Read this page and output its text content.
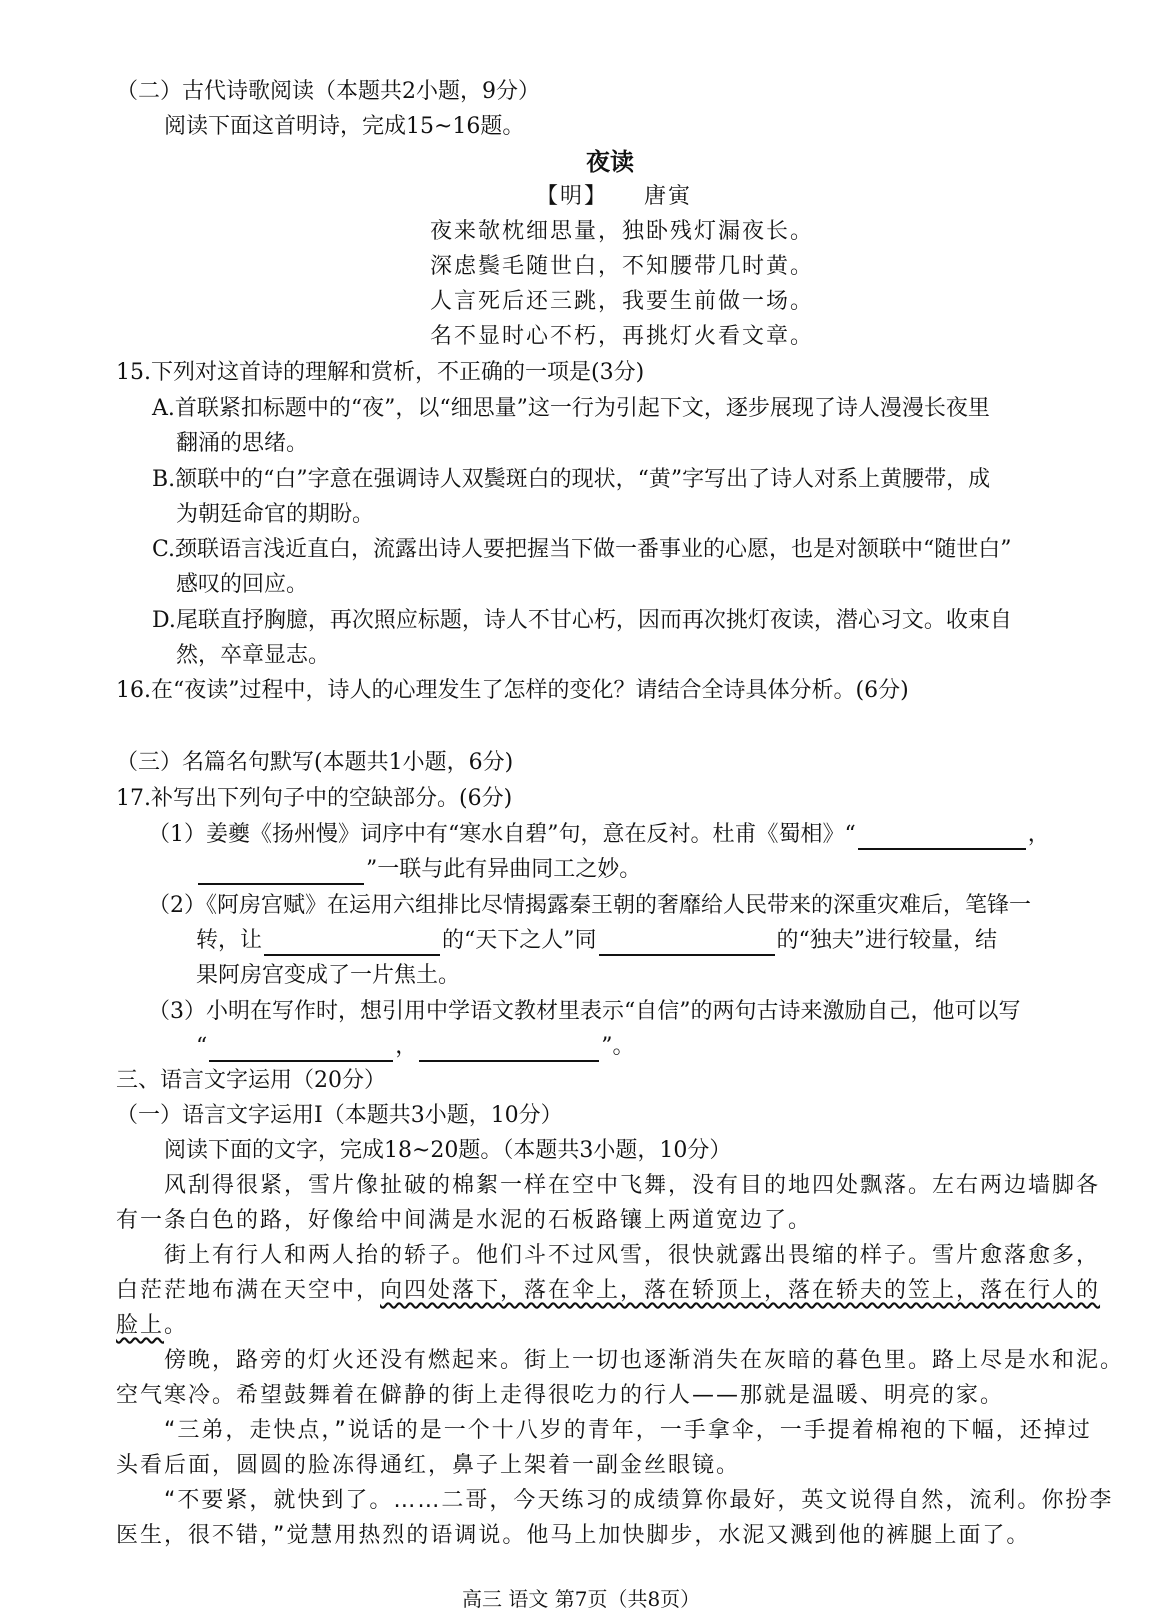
（二）古代诗歌阅读（本题共2小题，9分）
阅读下面这首明诗，完成15~16题。
夜读
【明】 唐寅
夜来欹枕细思量，独卧残灯漏夜长。
深虑鬓毛随世白，不知腰带几时黄。
人言死后还三跳，我要生前做一场。
名不显时心不朽，再挑灯火看文章。
15.下列对这首诗的理解和赏析，不正确的一项是(3分)
A.首联紧扣标题中的“夜”，以“细思量”这一行为引起下文，逐步展现了诗人漫漫长夜里
翻涌的思绪。
B.颔联中的“白”字意在强调诗人双鬓斑白的现状，“黄”字写出了诗人对系上黄腰带，成
为朝廷命官的期盼。
C.颈联语言浅近直白，流露出诗人要把握当下做一番事业的心愿，也是对颔联中“随世白”
感叹的回应。
D.尾联直抒胸臆，再次照应标题，诗人不甘心朽，因而再次挑灯夜读，潜心习文。收束自
然，卒章显志。
16.在“夜读”过程中，诗人的心理发生了怎样的变化？请结合全诗具体分析。(6分)
（三）名篇名句默写(本题共1小题，6分)
17.补写出下列句子中的空缺部分。(6分)
（1）姜夔《扬州慢》词序中有“寒水自碧”句，意在反衬。杜甫《蜀相》“	，
”一联与此有异曲同工之妙。
（2）《阿房宫赋》在运用六组排比尽情揭露秦王朝的奢靡给人民带来的深重灾难后，笔锋一
转，让	的“天下之人”同	的“独夫”进行较量，结
果阿房宫变成了一片焦土。
（3）小明在写作时，想引用中学语文教材里表示“自信”的两句古诗来激励自己，他可以写
“	，	”。
三、语言文字运用（20分）
（一）语言文字运用Ⅰ（本题共3小题，10分）
阅读下面的文字，完成18~20题。（本题共3小题，10分）
风刮得很紧，雪片像扯破的棉絮一样在空中飞舞，没有目的地四处飘落。左右两边墙脚各
有一条白色的路，好像给中间满是水泥的石板路镶上两道宽边了。
街上有行人和两人抬的轿子。他们斗不过风雪，很快就露出畏缩的样子。雪片愈落愈多，
白茫茫地布满在天空中，向四处落下，落在伞上，落在轿顶上，落在轿夫的笠上，落在行人的
脸上。
傍晚，路旁的灯火还没有燃起来。街上一切也逐渐消失在灰暗的暮色里。路上尽是水和泥。
空气寒冷。希望鼓舞着在僻静的街上走得很吃力的行人——那就是温暖、明亮的家。
“三弟，走快点，”说话的是一个十八岁的青年，一手拿伞，一手提着棉袍的下幅，还掉过
头看后面，圆圆的脸冻得通红，鼻子上架着一副金丝眼镜。
“不要紧，就快到了。……二哥，今天练习的成绩算你最好，英文说得自然，流利。你扮李
医生，很不错，”觉慧用热烈的语调说。他马上加快脚步，水泥又溅到他的裤腿上面了。
高三 语文 第7页（共8页）
